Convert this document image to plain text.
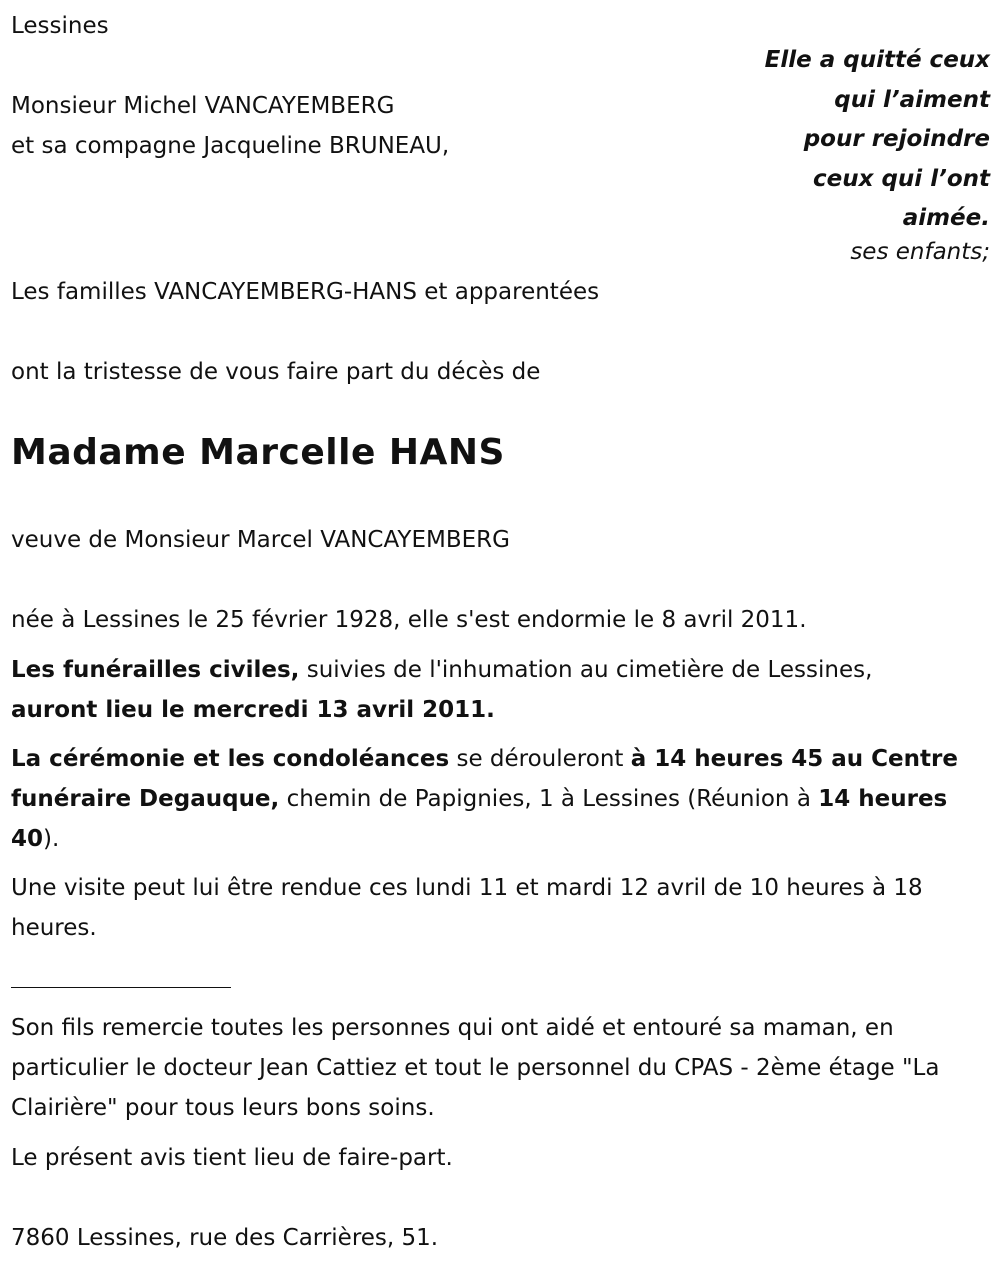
Lessines
Monsieur Michel VANCAYEMBERG
et sa compagne Jacqueline BRUNEAU,
Elle a quitté ceux
qui l’aiment
pour rejoindre
ceux qui l’ont
aimée.
ses enfants;
Les familles VANCAYEMBERG-HANS et apparentées
ont la tristesse de vous faire part du décès de
Madame Marcelle HANS
veuve de Monsieur Marcel VANCAYEMBERG
née à Lessines le 25 février 1928, elle s'est endormie le 8 avril 2011.
Les funérailles civiles, suivies de l'inhumation au cimetière de Lessines,
auront lieu le mercredi 13 avril 2011.
La cérémonie et les condoléances se dérouleront à 14 heures 45 au Centre funéraire Degauque, chemin de Papignies, 1 à Lessines (Réunion à 14 heures 40).
Une visite peut lui être rendue ces lundi 11 et mardi 12 avril de 10 heures à 18 heures.
Son fils remercie toutes les personnes qui ont aidé et entouré sa maman, en particulier le docteur Jean Cattiez et tout le personnel du CPAS - 2ème étage "La Clairière" pour tous leurs bons soins.
Le présent avis tient lieu de faire-part.
7860 Lessines, rue des Carrières, 51.
